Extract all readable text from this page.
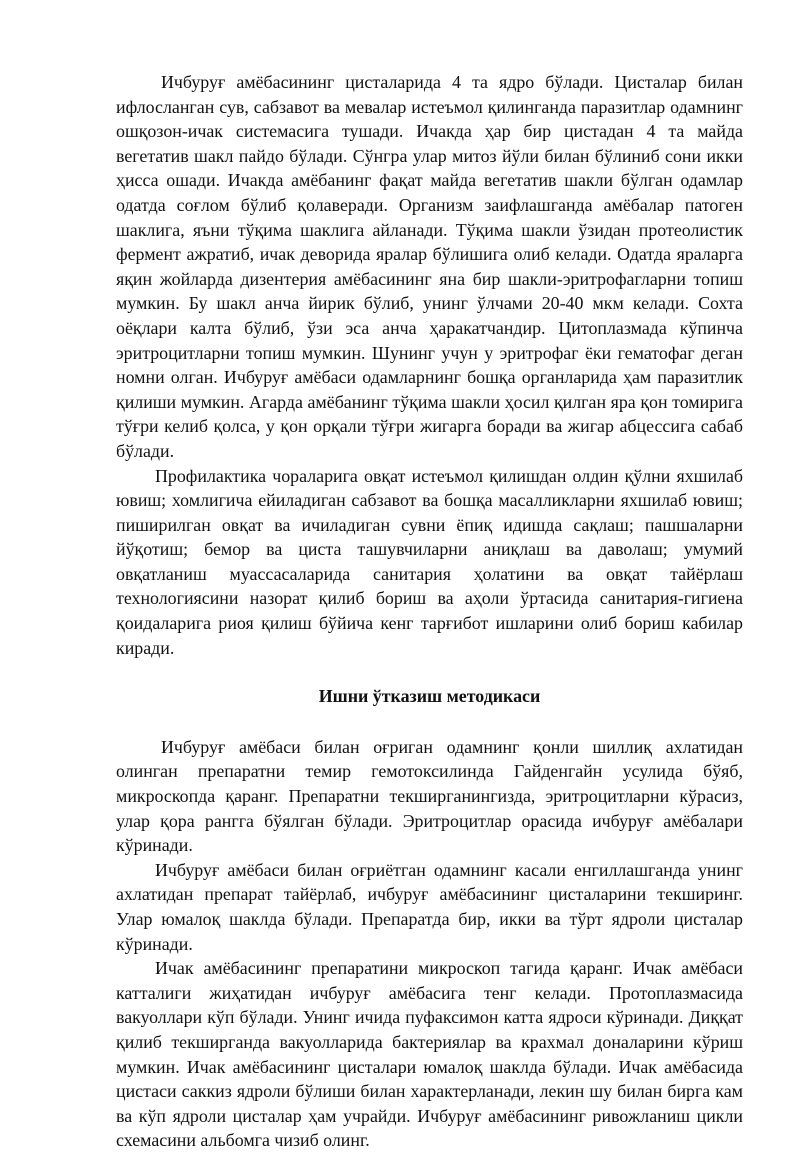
Ичбуруғ амёбасининг цисталарида 4 та ядро бўлади. Цисталар билан ифлосланган сув, сабзавот ва мевалар истеъмол қилинганда паразитлар одамнинг ошқозон-ичак системасига тушади. Ичакда ҳар бир цистадан 4 та майда вегетатив шакл пайдо бўлади. Сўнгра улар митоз йўли билан бўлиниб сони икки ҳисса ошади. Ичакда амёбанинг фақат майда вегетатив шакли бўлган одамлар одатда соғлом бўлиб қолаверади. Организм заифлашганда амёбалар патоген шаклига, яъни тўқима шаклига айланади. Тўқима шакли ўзидан протеолистик фермент ажратиб, ичак деворида яралар бўлишига олиб келади. Одатда яраларга яқин жойларда дизентерия амёбасининг яна бир шакли-эритрофагларни топиш мумкин. Бу шакл анча йирик бўлиб, унинг ўлчами 20-40 мкм келади. Сохта оёқлари калта бўлиб, ўзи эса анча ҳаракатчандир. Цитоплазмада кўпинча эритроцитларни топиш мумкин. Шунинг учун у эритрофаг ёки гематофаг деган номни олган. Ичбуруғ амёбаси одамларнинг бошқа органларида ҳам паразитлик қилиши мумкин. Агарда амёбанинг тўқима шакли ҳосил қилган яра қон томирига тўғри келиб қолса, у қон орқали тўғри жигарга боради ва жигар абцессига сабаб бўлади.

Профилактика чораларига овқат истеъмол қилишдан олдин қўлни яхшилаб ювиш; хомлигича ейиладиган сабзавот ва бошқа масалликларни яхшилаб ювиш; пиширилган овқат ва ичиладиган сувни ёпиқ идишда сақлаш; пашшаларни йўқотиш; бемор ва циста ташувчиларни аниқлаш ва даволаш; умумий овқатланиш муассасаларида санитария ҳолатини ва овқат тайёрлаш технологиясини назорат қилиб бориш ва аҳоли ўртасида санитария-гигиена қоидаларига риоя қилиш бўйича кенг тарғибот ишларини олиб бориш кабилар киради.

Ишни ўтказиш методикаси

Ичбуруғ амёбаси билан оғриган одамнинг қонли шиллиқ ахлатидан олинган препаратни темир гемотоксилинда Гайденгайн усулида бўяб, микроскопда қаранг. Препаратни текширганингизда, эритроцитларни кўрасиз, улар қора рангга бўялган бўлади. Эритроцитлар орасида ичбуруғ амёбалари кўринади.

Ичбуруғ амёбаси билан оғриётган одамнинг касали енгиллашганда унинг ахлатидан препарат тайёрлаб, ичбуруғ амёбасининг цисталарини текширинг. Улар юмалоқ шаклда бўлади. Препаратда бир, икки ва тўрт ядроли цисталар кўринади.

Ичак амёбасининг препаратини микроскоп тагида қаранг. Ичак амёбаси катталиги жиҳатидан ичбуруғ амёбасига тенг келади. Протоплазмасида вакуоллари кўп бўлади. Унинг ичида пуфаксимон катта ядроси кўринади. Диққат қилиб текширганда вакуолларида бактериялар ва крахмал доналарини кўриш мумкин. Ичак амёбасининг цисталари юмалоқ шаклда бўлади. Ичак амёбасида цистаси саккиз ядроли бўлиши билан характерланади, лекин шу билан бирга кам ва кўп ядроли цисталар ҳам учрайди. Ичбуруғ амёбасининг ривожланиш цикли схемасини альбомга чизиб олинг.
